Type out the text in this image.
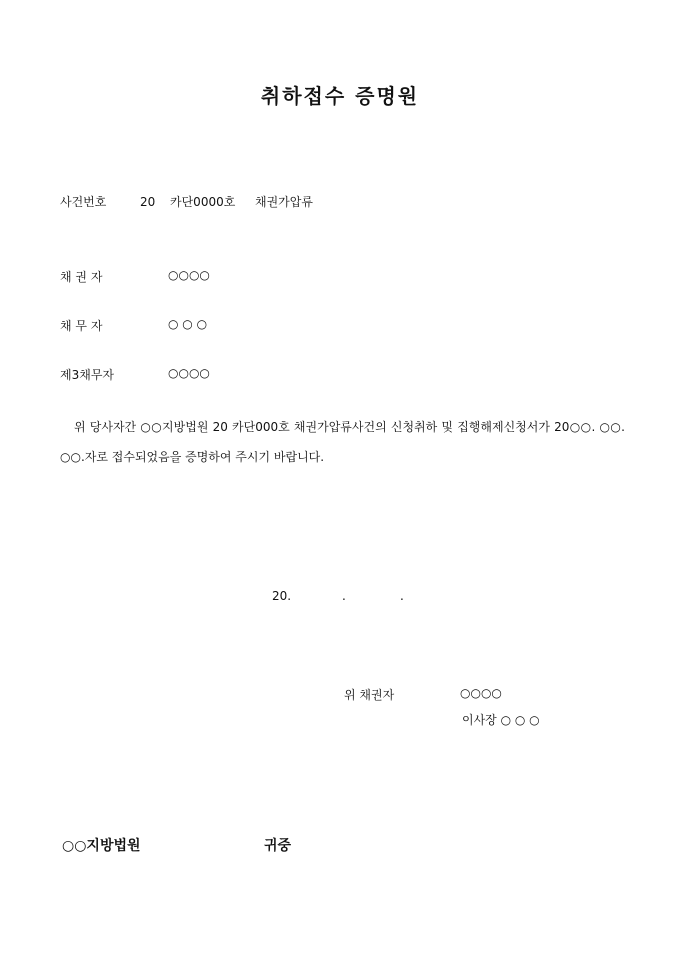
취하접수 증명원
사건번호	20 카단0000호 채권가압류
채 권 자	○○○○
채 무 자	○ ○ ○
제3채무자	○○○○
위 당사자간 ○○지방법원 20 카단000호 채권가압류사건의 신청취하 및 집행해제신청서가 20○○. ○○. ○○.자로 접수되었음을 증명하여 주시기 바랍니다.
20.	.	.
위 채권자	○○○○
이사장 ○ ○ ○
○○지방법원	귀중
